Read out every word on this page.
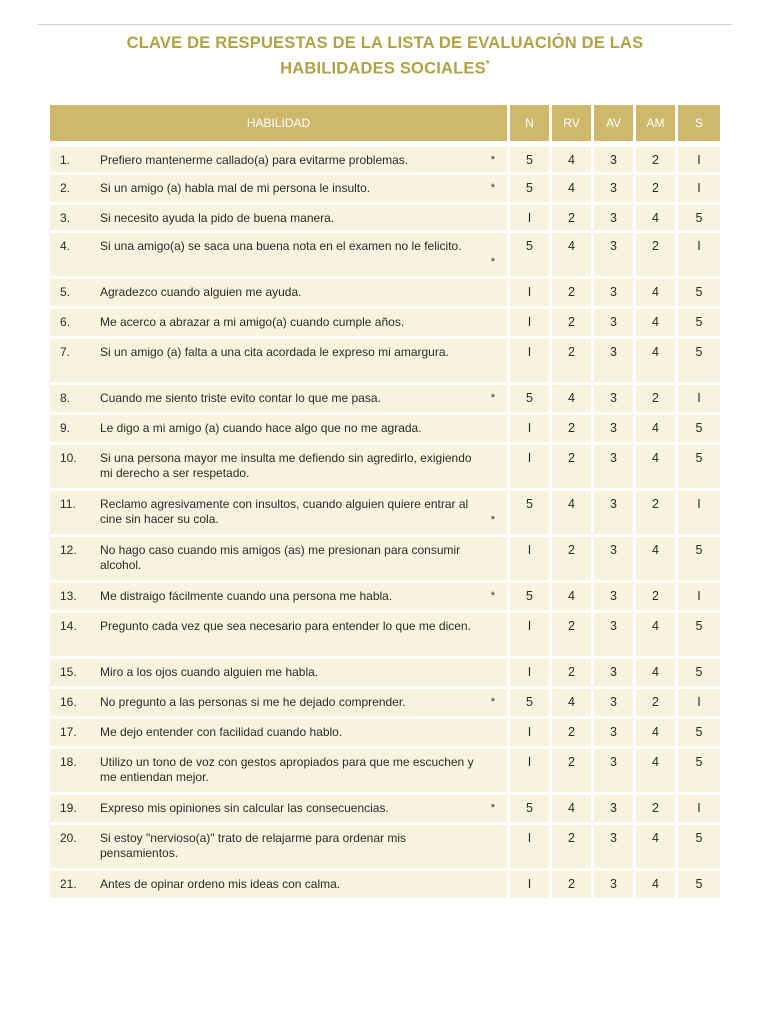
CLAVE DE RESPUESTAS DE LA LISTA DE EVALUACIÓN DE LAS
HABILIDADES SOCIALES*
HABILIDAD	N	RV	AV	AM	S

1. Prefiero mantenerme callado(a) para evitarme problemas. *	5	4	3	2	I

2. Si un amigo (a) habla mal de mi persona le insulto. *	5	4	3	2	I

3. Si necesito ayuda la pido de buena manera.	I	2	3	4	5

4. Si una amigo(a) se saca una buena nota en el examen no le felicito.
*	5	4	3	2	I

5. Agradezco cuando alguien me ayuda.	I	2	3	4	5

6. Me acerco a abrazar a mi amigo(a) cuando cumple años.	I	2	3	4	5

7. Si un amigo (a) falta a una cita acordada le expreso mi amargura.	I	2	3	4	5

8. Cuando me siento triste evito contar lo que me pasa. *	5	4	3	2	I

9. Le digo a mi amigo (a) cuando hace algo que no me agrada.	I	2	3	4	5

10. Si una persona mayor me insulta me defiendo sin agredirlo, exigiendo mi derecho a ser respetado.	I	2	3	4	5

11. Reclamo agresivamente con insultos, cuando alguien quiere entrar al cine sin hacer su cola. *	5	4	3	2	I

12. No hago caso cuando mis amigos (as) me presionan para consumir alcohol.	I	2	3	4	5

13. Me distraigo fácilmente cuando una persona me habla. *	5	4	3	2	I

14. Pregunto cada vez que sea necesario para entender lo que me dicen.	I	2	3	4	5

15. Miro a los ojos cuando alguien me habla.	I	2	3	4	5

16. No pregunto a las personas si me he dejado comprender. *	5	4	3	2	I

17. Me dejo entender con facilidad cuando hablo.	I	2	3	4	5

18. Utilizo un tono de voz con gestos apropiados para que me escuchen y me entiendan mejor.	I	2	3	4	5

19. Expreso mis opiniones sin calcular las consecuencias. *	5	4	3	2	I

20. Si estoy "nervioso(a)" trato de relajarme para ordenar mis pensamientos.	I	2	3	4	5

21. Antes de opinar ordeno mis ideas con calma.	I	2	3	4	5
